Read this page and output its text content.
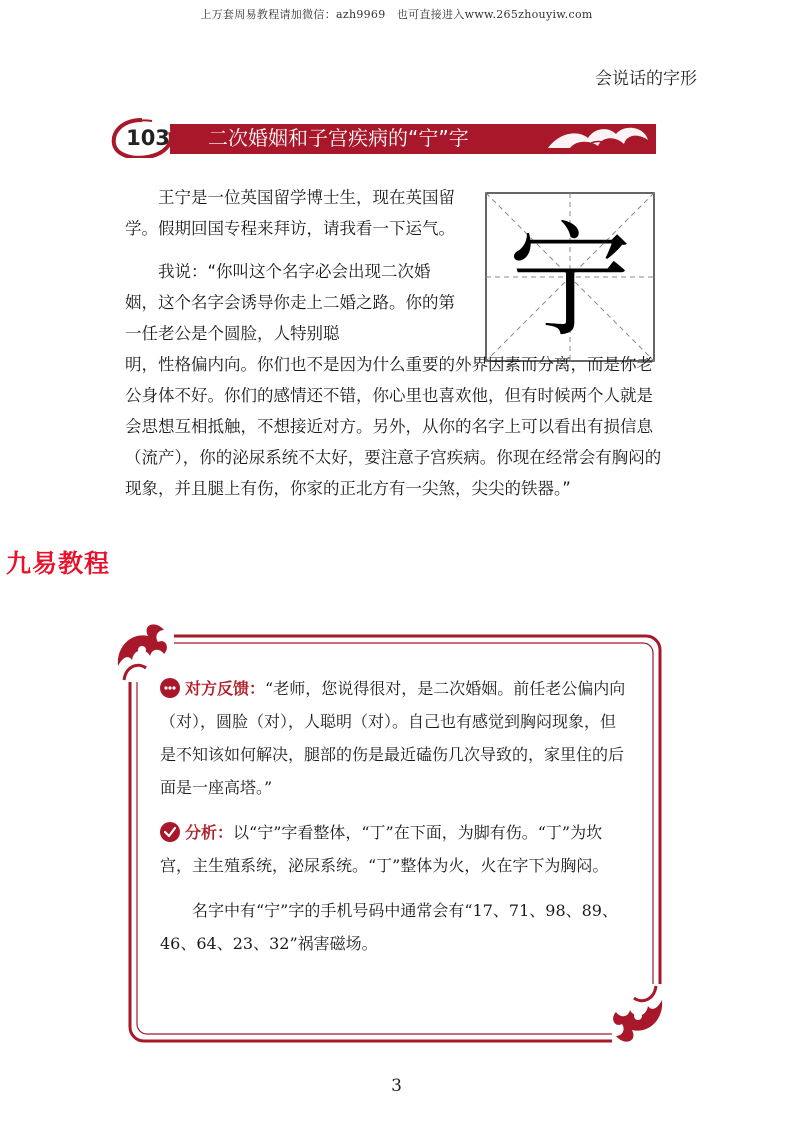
上万套周易教程请加微信：azh9969　也可直接进入www.265zhouyiw.com
会说话的字形
103	二次婚姻和子宫疾病的“宁”字
宁

王宁是一位英国留学博士生，现在英国留学。假期回国专程来拜访，请我看一下运气。

我说：“你叫这个名字必会出现二次婚姻，这个名字会诱导你走上二婚之路。你的第一任老公是个圆脸，人特别聪

明，性格偏内向。你们也不是因为什么重要的外界因素而分离，而是你老公身体不好。你们的感情还不错，你心里也喜欢他，但有时候两个人就是会思想互相抵触，不想接近对方。另外，从你的名字上可以看出有损信息（流产），你的泌尿系统不太好，要注意子宫疾病。你现在经常会有胸闷的现象，并且腿上有伤，你家的正北方有一尖煞，尖尖的铁器。”

九易教程

对方反馈：“老师，您说得很对，是二次婚姻。前任老公偏内向（对），圆脸（对），人聪明（对）。自己也有感觉到胸闷现象，但是不知该如何解决，腿部的伤是最近磕伤几次导致的，家里住的后面是一座高塔。”

分析：以“宁”字看整体，“丁”在下面，为脚有伤。“丁”为坎宫，主生殖系统，泌尿系统。“丁”整体为火，火在字下为胸闷。

名字中有“宁”字的手机号码中通常会有“17、71、98、89、46、64、23、32”祸害磁场。

3
